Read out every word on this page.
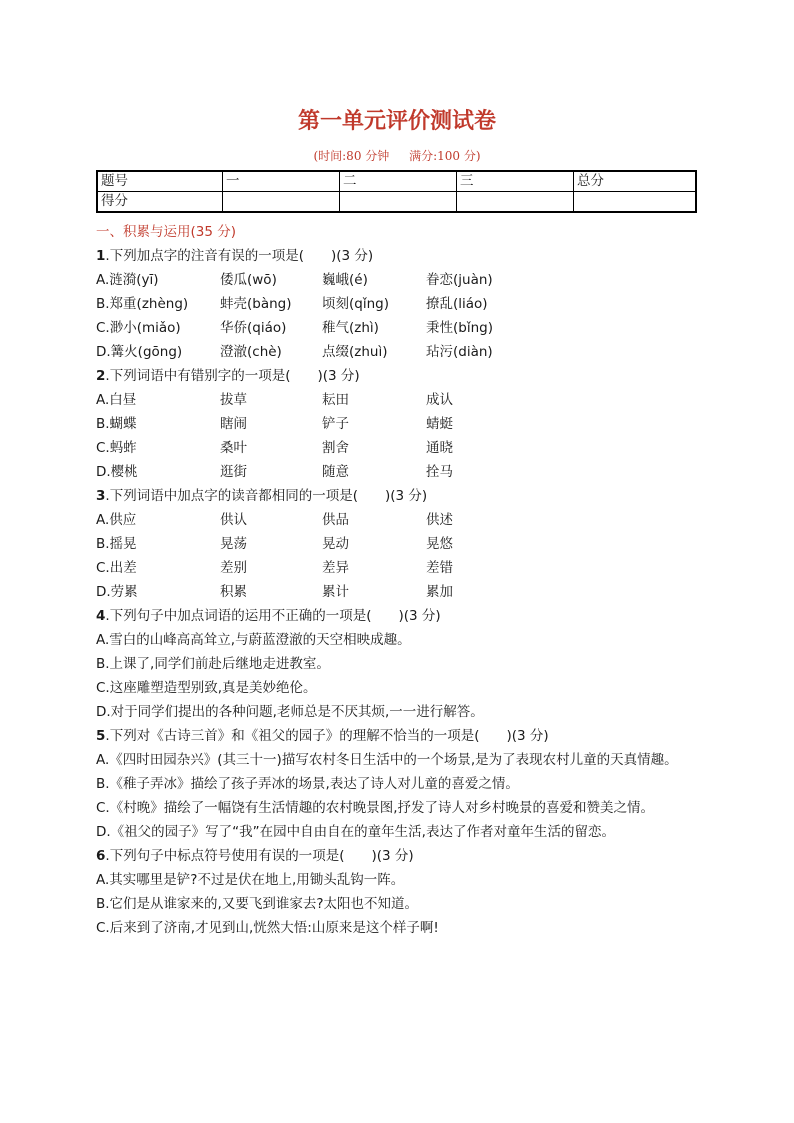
第一单元评价测试卷
(时间:80 分钟 满分:100 分)
题号	一	二	三	总分
得分				
一、积累与运用(35 分)
1.下列加点字的注音有误的一项是(　　)(3 分)
A.涟漪(yī)	倭瓜(wō)	巍峨(é)	眷恋(juàn)
B.郑重(zhèng) 蚌壳(bàng) 顷刻(qǐng)	撩乱(liáo)
C.渺小(miǎo)	华侨(qiáo)	稚气(zhì)	秉性(bǐng)
D.篝火(gōng)	澄澈(chè)	点缀(zhuì)	玷污(diàn)
2.下列词语中有错别字的一项是(　　)(3 分)
A.白昼	拔草	耘田	成认
B.蝴蝶	瞎闹	铲子	蜻蜓
C.蚂蚱	桑叶	割舍	通晓
D.樱桃	逛街	随意	拴马
3.下列词语中加点字的读音都相同的一项是(　　)(3 分)
A.供应	供认	供品	供述
B.摇晃	晃荡	晃动	晃悠
C.出差	差别	差异	差错
D.劳累	积累	累计	累加
4.下列句子中加点词语的运用不正确的一项是(　　)(3 分)
A.雪白的山峰高高耸立,与蔚蓝澄澈的天空相映成趣。
B.上课了,同学们前赴后继地走进教室。
C.这座雕塑造型别致,真是美妙绝伦。
D.对于同学们提出的各种问题,老师总是不厌其烦,一一进行解答。
5.下列对《古诗三首》和《祖父的园子》的理解不恰当的一项是(　　)(3 分)
A.《四时田园杂兴》(其三十一)描写农村冬日生活中的一个场景,是为了表现农村儿童的天真情趣。
B.《稚子弄冰》描绘了孩子弄冰的场景,表达了诗人对儿童的喜爱之情。
C.《村晚》描绘了一幅饶有生活情趣的农村晚景图,抒发了诗人对乡村晚景的喜爱和赞美之情。
D.《祖父的园子》写了“我”在园中自由自在的童年生活,表达了作者对童年生活的留恋。
6.下列句子中标点符号使用有误的一项是(　　)(3 分)
A.其实哪里是铲?不过是伏在地上,用锄头乱钩一阵。
B.它们是从谁家来的,又要飞到谁家去?太阳也不知道。
C.后来到了济南,才见到山,恍然大悟:山原来是这个样子啊!
